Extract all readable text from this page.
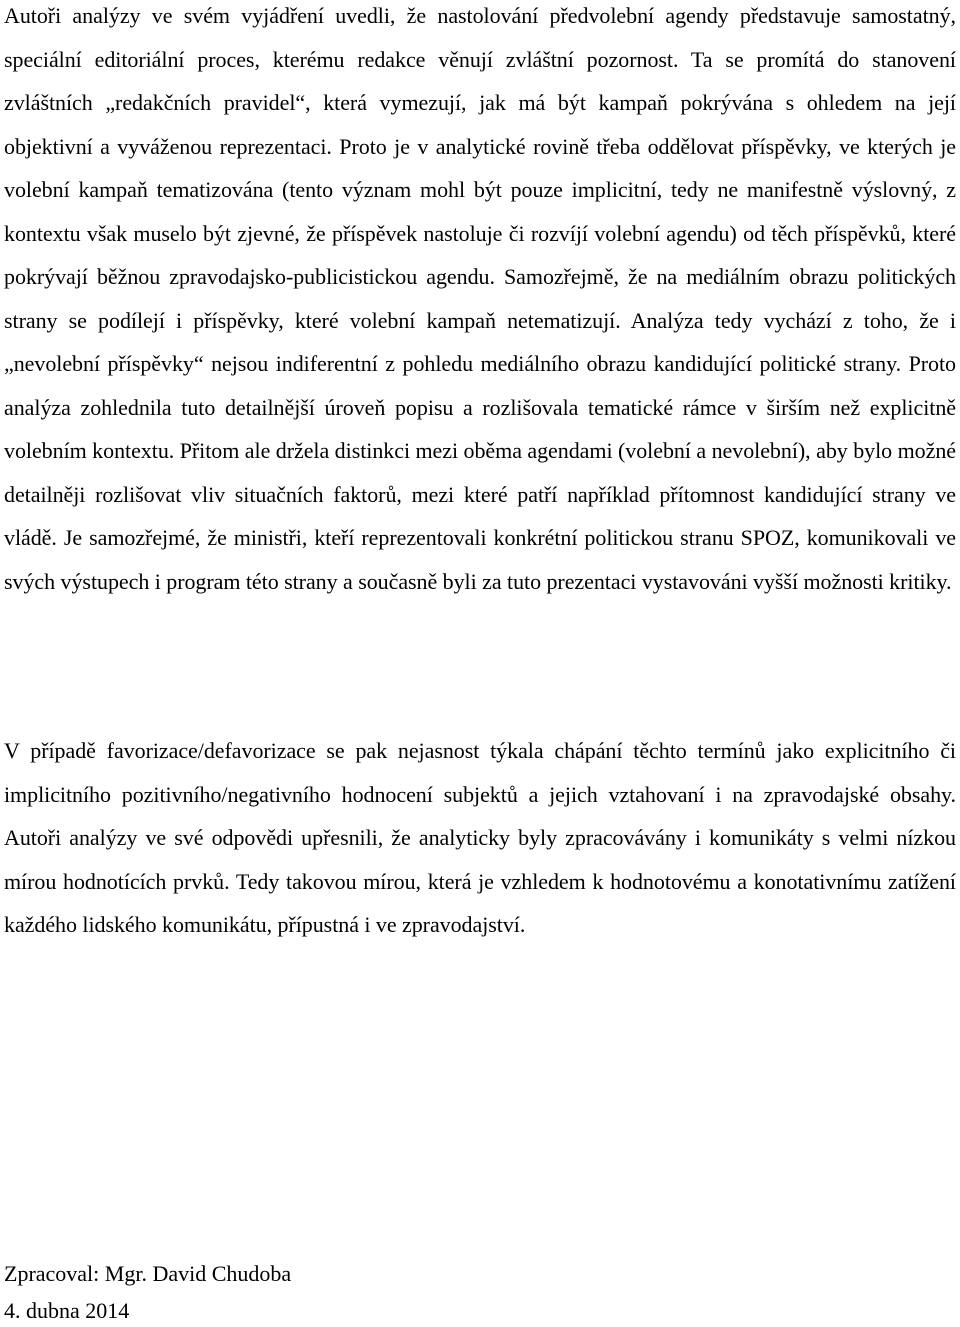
Autoři analýzy ve svém vyjádření uvedli, že nastolování předvolební agendy představuje samostatný, speciální editoriální proces, kterému redakce věnují zvláštní pozornost. Ta se promítá do stanovení zvláštních „redakčních pravidel“, která vymezují, jak má být kampaň pokrývána s ohledem na její objektivní a vyváženou reprezentaci. Proto je v analytické rovině třeba oddělovat příspěvky, ve kterých je volební kampaň tematizována (tento význam mohl být pouze implicitní, tedy ne manifestně výslovný, z kontextu však muselo být zjevné, že příspěvek nastoluje či rozvíjí volební agendu) od těch příspěvků, které pokrývají běžnou zpravodajsko-publicistickou agendu. Samozřejmě, že na mediálním obrazu politických strany se podílejí i příspěvky, které volební kampaň netematizují. Analýza tedy vychází z toho, že i „nevolební příspěvky“ nejsou indiferentní z pohledu mediálního obrazu kandidující politické strany. Proto analýza zohlednila tuto detailnější úroveň popisu a rozlišovala tematické rámce v širším než explicitně volebním kontextu. Přitom ale držela distinkci mezi oběma agendami (volební a nevolební), aby bylo možné detailněji rozlišovat vliv situačních faktorů, mezi které patří například přítomnost kandidující strany ve vládě. Je samozřejmé, že ministři, kteří reprezentovali konkrétní politickou stranu SPOZ, komunikovali ve svých výstupech i program této strany a současně byli za tuto prezentaci vystavováni vyšší možnosti kritiky.

V případě favorizace/defavorizace se pak nejasnost týkala chápání těchto termínů jako explicitního či implicitního pozitivního/negativního hodnocení subjektů a jejich vztahovaní i na zpravodajské obsahy. Autoři analýzy ve své odpovědi upřesnili, že analyticky byly zpracovávány i komunikáty s velmi nízkou mírou hodnotících prvků. Tedy takovou mírou, která je vzhledem k hodnotovému a konotativnímu zatížení každého lidského komunikátu, přípustná i ve zpravodajství.

Zpracoval: Mgr. David Chudoba

4. dubna 2014
